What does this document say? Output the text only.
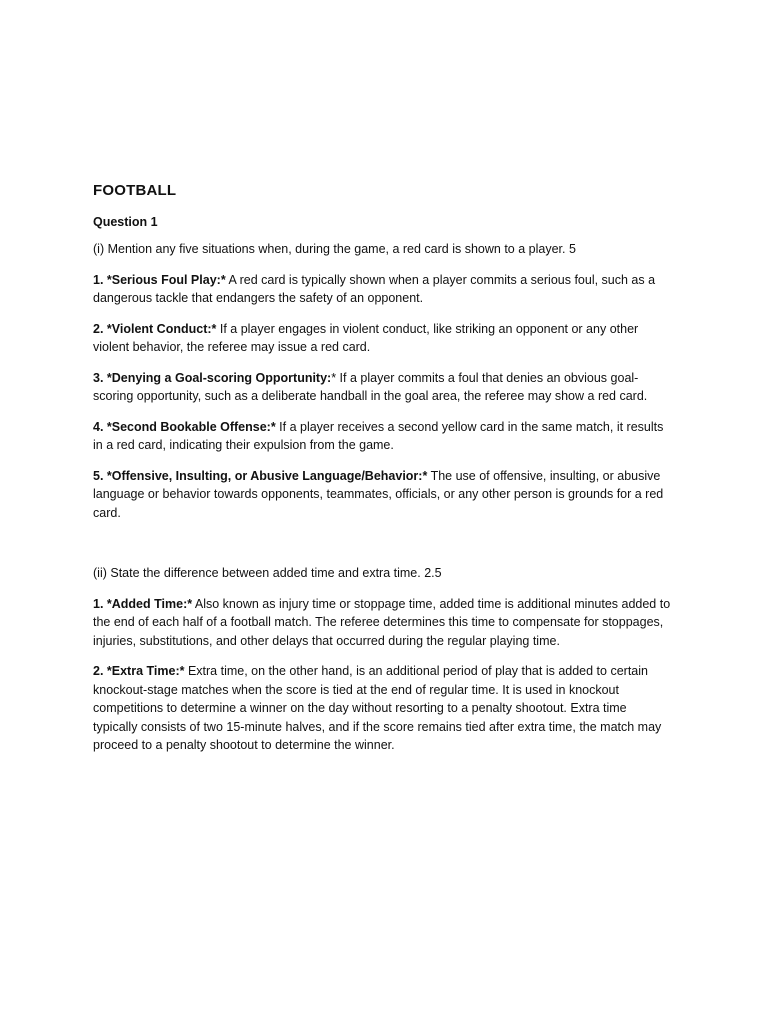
FOOTBALL
Question 1
(i) Mention any five situations when, during the game, a red card is shown to a player. 5
1. *Serious Foul Play:* A red card is typically shown when a player commits a serious foul, such as a dangerous tackle that endangers the safety of an opponent.
2. *Violent Conduct:* If a player engages in violent conduct, like striking an opponent or any other violent behavior, the referee may issue a red card.
3. *Denying a Goal-scoring Opportunity:* If a player commits a foul that denies an obvious goal-scoring opportunity, such as a deliberate handball in the goal area, the referee may show a red card.
4. *Second Bookable Offense:* If a player receives a second yellow card in the same match, it results in a red card, indicating their expulsion from the game.
5. *Offensive, Insulting, or Abusive Language/Behavior:* The use of offensive, insulting, or abusive language or behavior towards opponents, teammates, officials, or any other person is grounds for a red card.
(ii) State the difference between added time and extra time. 2.5
1. *Added Time:* Also known as injury time or stoppage time, added time is additional minutes added to the end of each half of a football match. The referee determines this time to compensate for stoppages, injuries, substitutions, and other delays that occurred during the regular playing time.
2. *Extra Time:* Extra time, on the other hand, is an additional period of play that is added to certain knockout-stage matches when the score is tied at the end of regular time. It is used in knockout competitions to determine a winner on the day without resorting to a penalty shootout. Extra time typically consists of two 15-minute halves, and if the score remains tied after extra time, the match may proceed to a penalty shootout to determine the winner.
